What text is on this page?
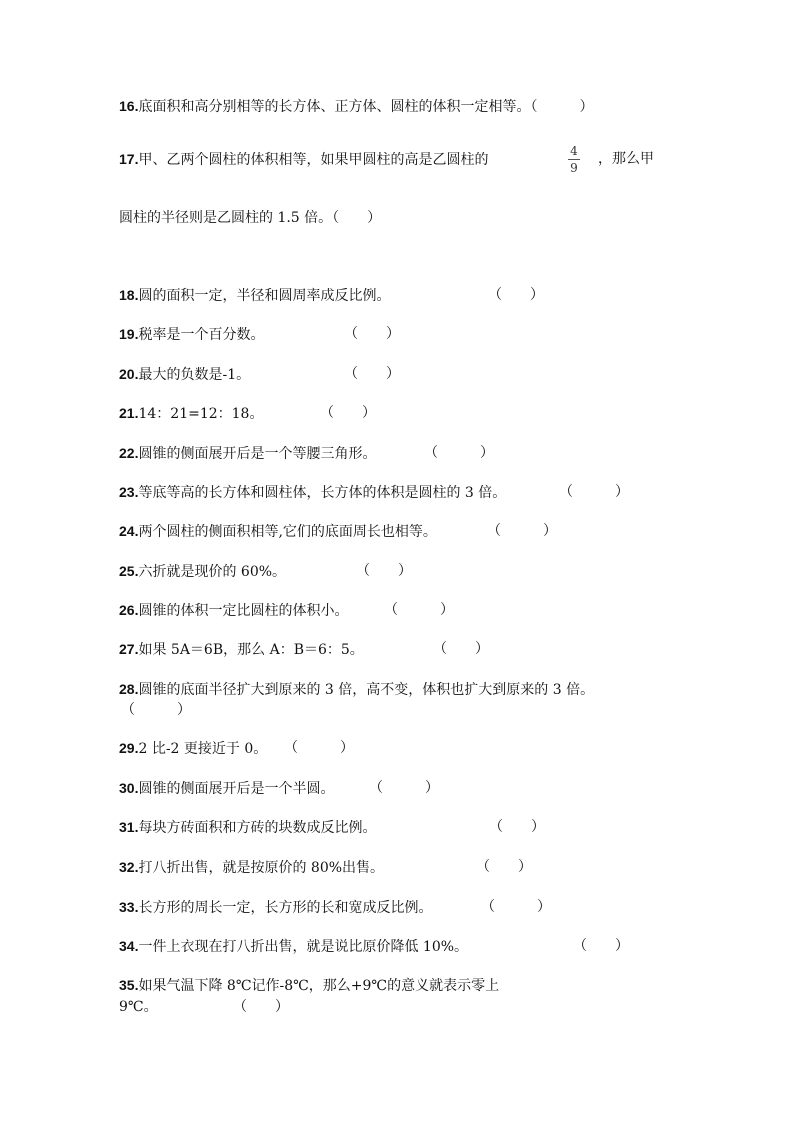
16.底面积和高分别相等的长方体、正方体、圆柱的体积一定相等。（　　　）
17.甲、乙两个圆柱的体积相等，如果甲圆柱的高是乙圆柱的
4
9
，那么甲
圆柱的半径则是乙圆柱的 1.5 倍。（　　）
18.圆的面积一定，半径和圆周率成反比例。	（　　）
19.税率是一个百分数。	（　　）
20.最大的负数是-1。	（　　）
21.14：21=12：18。	（　　）
22.圆锥的侧面展开后是一个等腰三角形。	（　　　）
23.等底等高的长方体和圆柱体，长方体的体积是圆柱的 3 倍。	（　　　）
24.两个圆柱的侧面积相等,它们的底面周长也相等。	（　　　）
25.六折就是现价的 60%。	（　　）
26.圆锥的体积一定比圆柱的体积小。	（　　　）
27.如果 5A＝6B，那么 A：B＝6：5。	（　　）
28.圆锥的底面半径扩大到原来的 3 倍，高不变，体积也扩大到原来的 3 倍。
（　　　）
29.2 比-2 更接近于 0。 （　　　）
30.圆锥的侧面展开后是一个半圆。 （　　　）
31.每块方砖面积和方砖的块数成反比例。	（　　）
32.打八折出售，就是按原价的 80%出售。	（　　）
33.长方形的周长一定，长方形的长和宽成反比例。	（　　　）
34.一件上衣现在打八折出售，就是说比原价降低 10%。	（　　）
35.如果气温下降 8℃记作-8℃，那么+9℃的意义就表示零上
9℃。	（　　）
